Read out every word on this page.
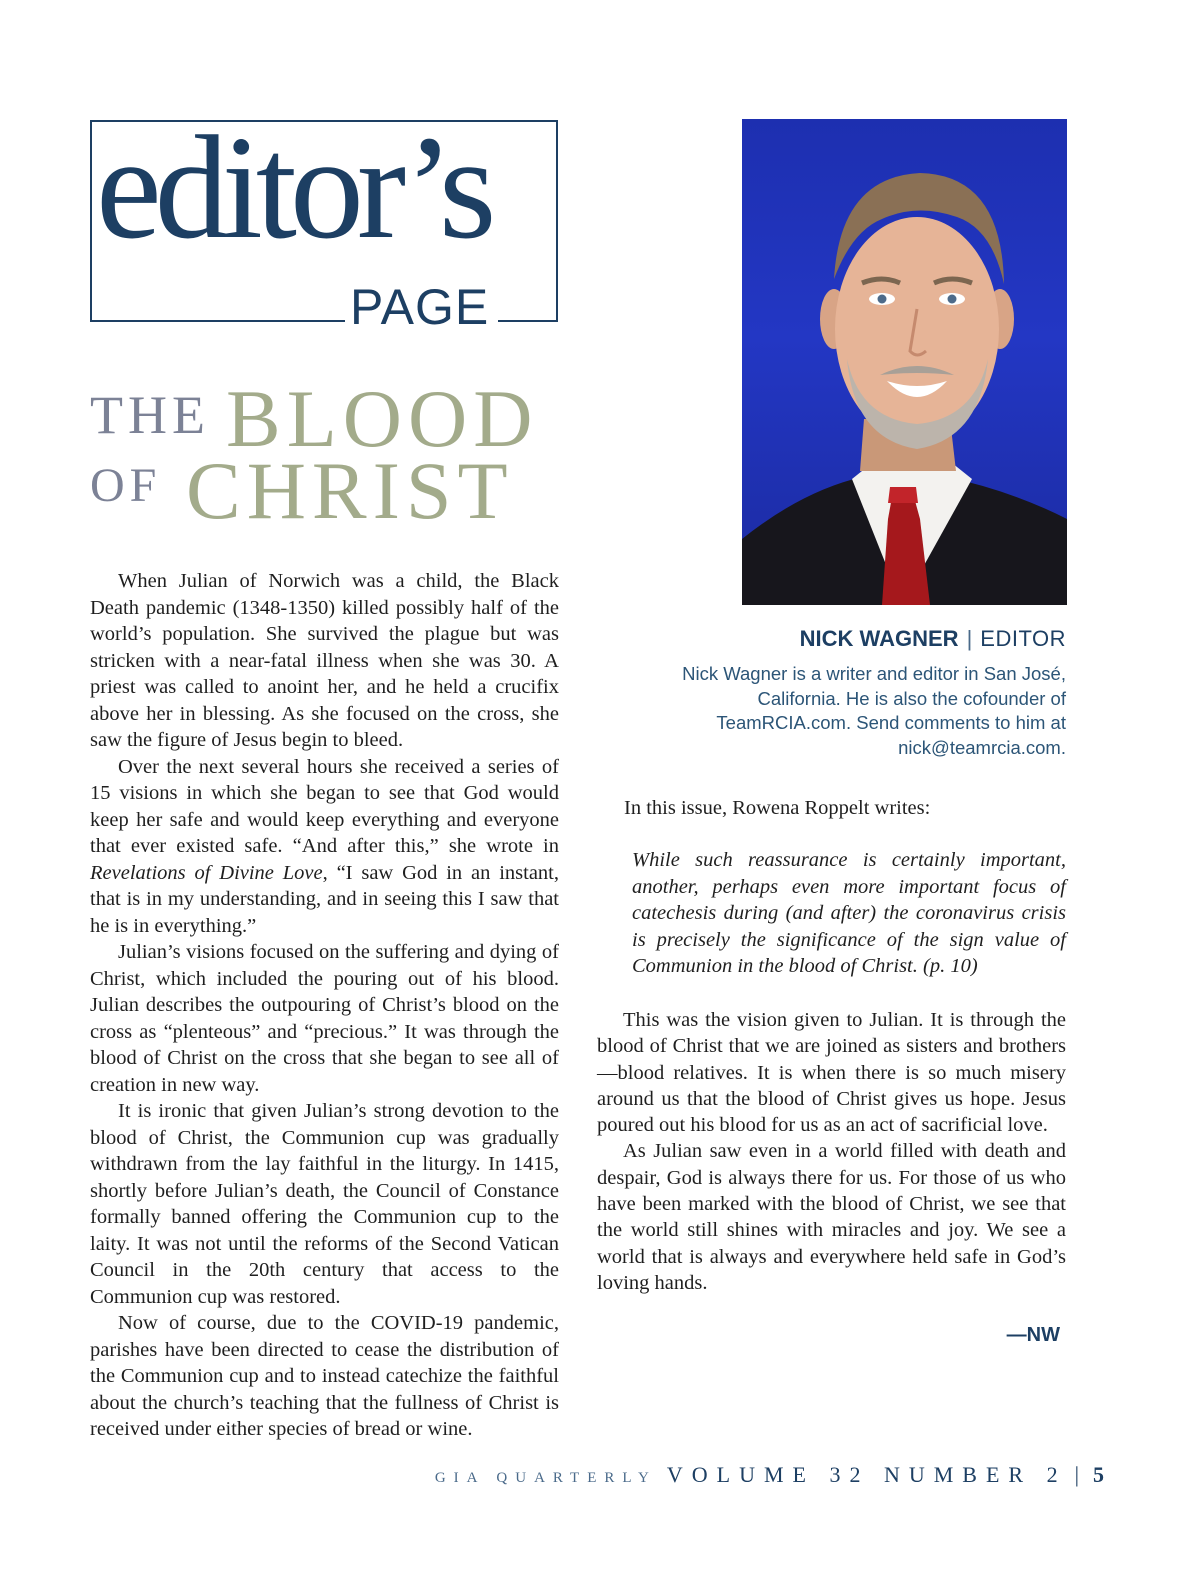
editor’s
PAGE
THE BLOOD
OF CHRIST

When Julian of Norwich was a child, the Black Death pandemic (1348-1350) killed possibly half of the world’s population. She survived the plague but was stricken with a near-fatal illness when she was 30. A priest was called to anoint her, and he held a crucifix above her in blessing. As she focused on the cross, she saw the figure of Jesus begin to bleed.

Over the next several hours she received a series of 15 visions in which she began to see that God would keep her safe and would keep everything and everyone that ever existed safe. “And after this,” she wrote in Revelations of Divine Love, “I saw God in an instant, that is in my understanding, and in seeing this I saw that he is in everything.”

Julian’s visions focused on the suffering and dying of Christ, which included the pouring out of his blood. Julian describes the outpouring of Christ’s blood on the cross as “plenteous” and “precious.” It was through the blood of Christ on the cross that she began to see all of creation in new way.

It is ironic that given Julian’s strong devotion to the blood of Christ, the Communion cup was gradually withdrawn from the lay faithful in the liturgy. In 1415, shortly before Julian’s death, the Council of Constance formally banned offering the Communion cup to the laity. It was not until the reforms of the Second Vatican Council in the 20th century that access to the Communion cup was restored.

Now of course, due to the COVID-19 pandemic, parishes have been directed to cease the distribution of the Communion cup and to instead catechize the faithful about the church’s teaching that the fullness of Christ is received under either species of bread or wine.

NICK WAGNER | EDITOR
Nick Wagner is a writer and editor in San José,
California. He is also the cofounder of
TeamRCIA.com. Send comments to him at
nick@teamrcia.com.
In this issue, Rowena Roppelt writes:
While such reassurance is certainly important, another, perhaps even more important focus of catechesis during (and after) the coronavirus crisis is precisely the significance of the sign value of Communion in the blood of Christ. (p. 10)

This was the vision given to Julian. It is through the blood of Christ that we are joined as sisters and brothers—blood relatives. It is when there is so much misery around us that the blood of Christ gives us hope. Jesus poured out his blood for us as an act of sacrificial love.

As Julian saw even in a world filled with death and despair, God is always there for us. For those of us who have been marked with the blood of Christ, we see that the world still shines with miracles and joy. We see a world that is always and everywhere held safe in God’s loving hands.

—NW
GIA QUARTERLY VOLUME 32 NUMBER 2 | 5
